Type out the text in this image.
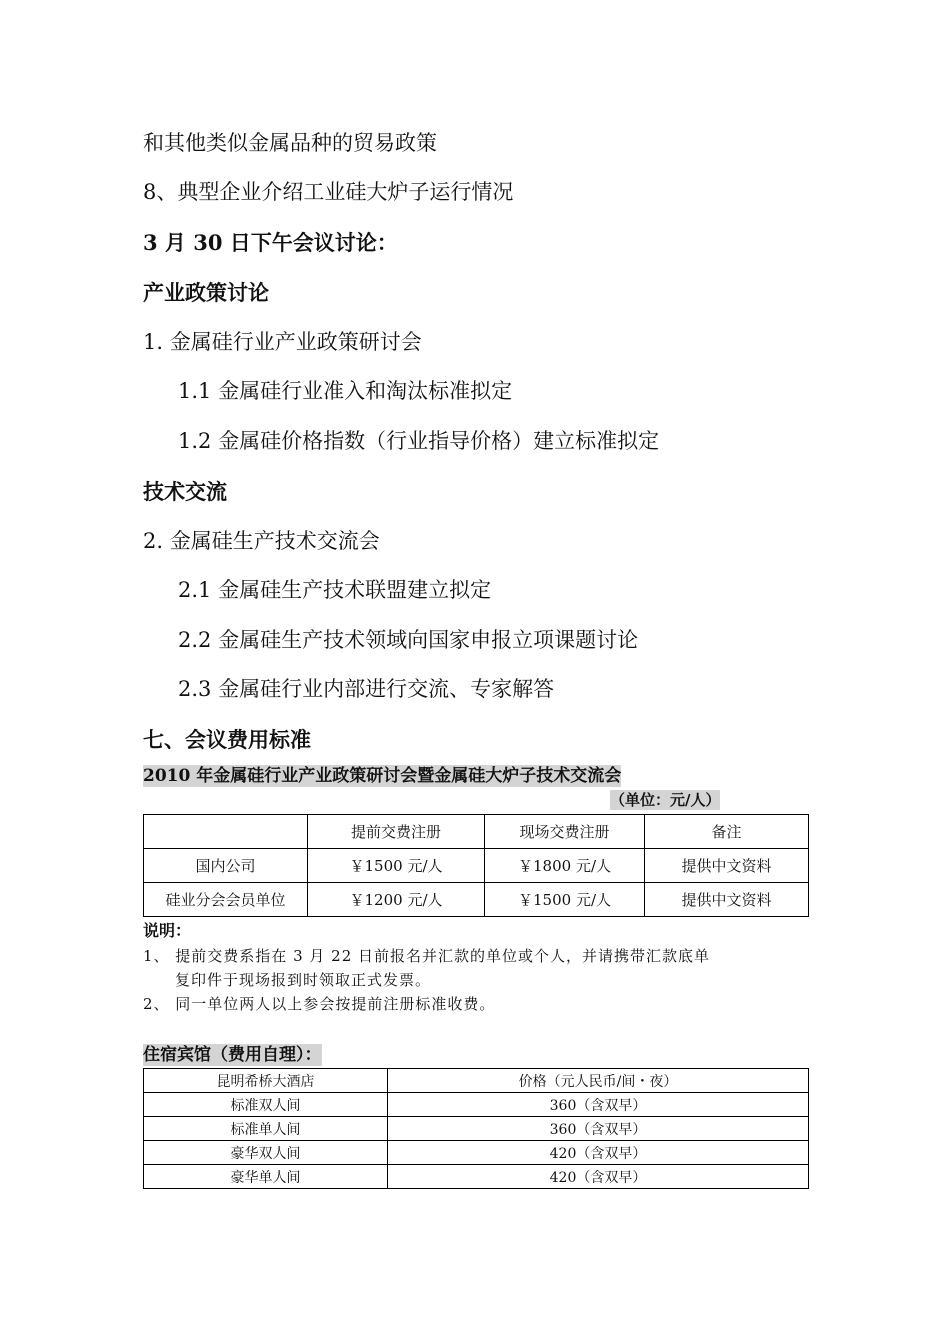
和其他类似金属品种的贸易政策
8、典型企业介绍工业硅大炉子运行情况
3 月 30 日下午会议讨论：
产业政策讨论
1. 金属硅行业产业政策研讨会
1.1 金属硅行业准入和淘汰标准拟定
1.2 金属硅价格指数（行业指导价格）建立标准拟定
技术交流
2. 金属硅生产技术交流会
2.1 金属硅生产技术联盟建立拟定
2.2 金属硅生产技术领域向国家申报立项课题讨论
2.3 金属硅行业内部进行交流、专家解答
七、会议费用标准
2010 年金属硅行业产业政策研讨会暨金属硅大炉子技术交流会
（单位：元/人）
	提前交费注册	现场交费注册	备注
国内公司	￥1500 元/人	￥1800 元/人	提供中文资料
硅业分会会员单位	￥1200 元/人	￥1500 元/人	提供中文资料
说明：
1、 提前交费系指在 3 月 22 日前报名并汇款的单位或个人，并请携带汇款底单
复印件于现场报到时领取正式发票。
2、 同一单位两人以上参会按提前注册标准收费。
住宿宾馆（费用自理）：
昆明希桥大酒店	价格（元人民币/间・夜）
标准双人间	360（含双早）
标准单人间	360（含双早）
豪华双人间	420（含双早）
豪华单人间	420（含双早）
